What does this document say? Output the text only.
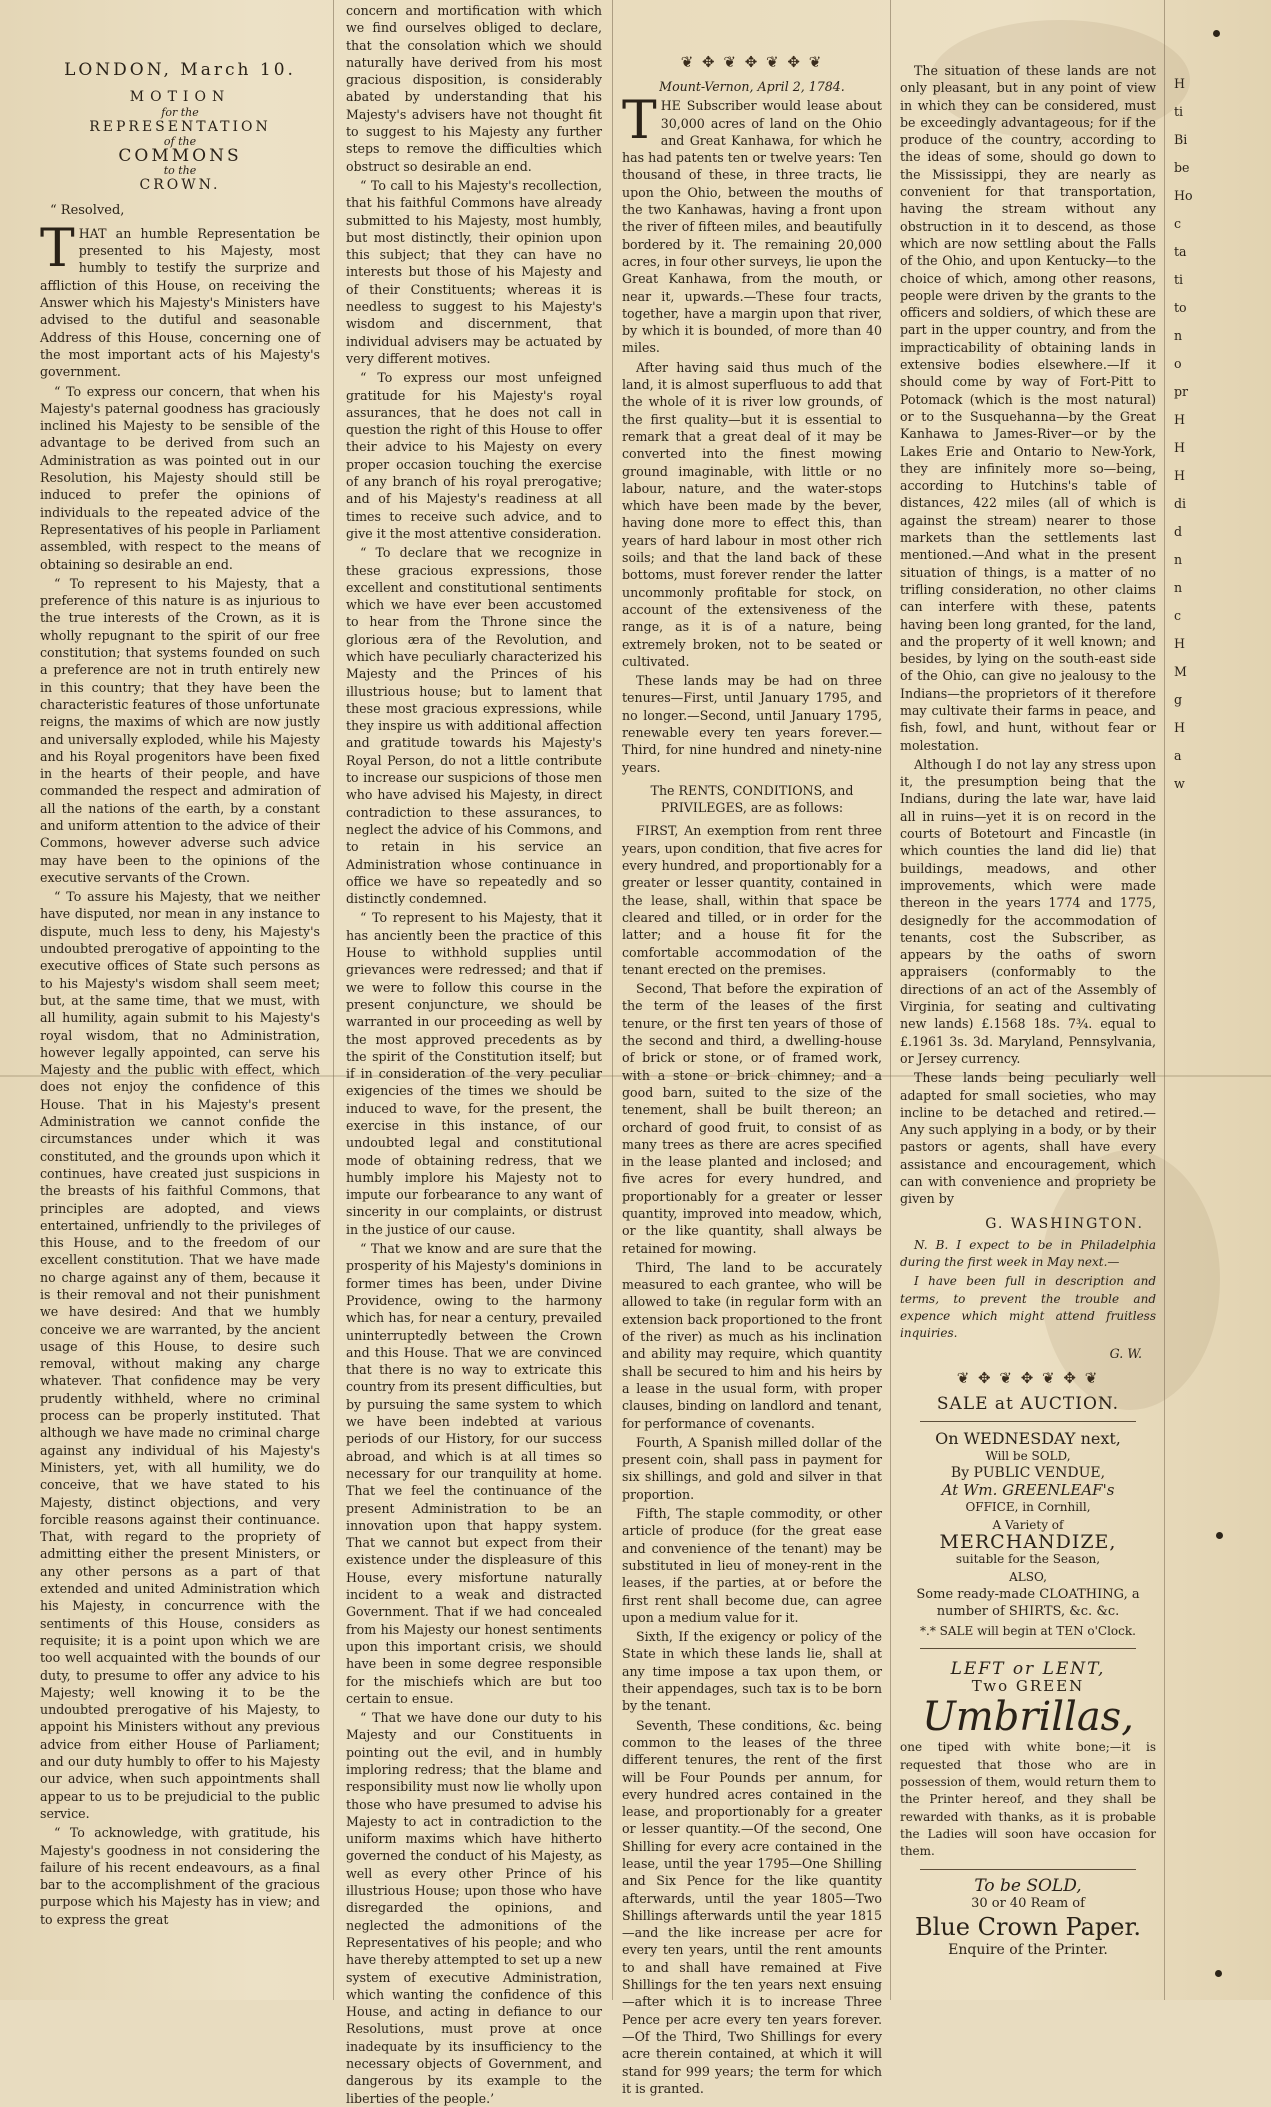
LONDON, March 10.
MOTION
for the
REPRESENTATION
of the
COMMONS
to the
CROWN.
“ Resolved,

THAT an humble Representation be presented to his Majesty, most humbly to testify the surprize and affliction of this House, on receiving the Answer which his Majesty's Ministers have advised to the dutiful and seasonable Address of this House, concerning one of the most important acts of his Majesty's government.

“ To express our concern, that when his Majesty's paternal goodness has graciously inclined his Majesty to be sensible of the advantage to be derived from such an Administration as was pointed out in our Resolution, his Majesty should still be induced to prefer the opinions of individuals to the repeated advice of the Representatives of his people in Parliament assembled, with respect to the means of obtaining so desirable an end.

“ To represent to his Majesty, that a preference of this nature is as injurious to the true interests of the Crown, as it is wholly repugnant to the spirit of our free constitution; that systems founded on such a preference are not in truth entirely new in this country; that they have been the characteristic features of those unfortunate reigns, the maxims of which are now justly and universally exploded, while his Majesty and his Royal progenitors have been fixed in the hearts of their people, and have commanded the respect and admiration of all the nations of the earth, by a constant and uniform attention to the advice of their Commons, however adverse such advice may have been to the opinions of the executive servants of the Crown.

“ To assure his Majesty, that we neither have disputed, nor mean in any instance to dispute, much less to deny, his Majesty's undoubted prerogative of appointing to the executive offices of State such persons as to his Majesty's wisdom shall seem meet; but, at the same time, that we must, with all humility, again submit to his Majesty's royal wisdom, that no Administration, however legally appointed, can serve his Majesty and the public with effect, which does not enjoy the confidence of this House. That in his Majesty's present Administration we cannot confide the circumstances under which it was constituted, and the grounds upon which it continues, have created just suspicions in the breasts of his faithful Commons, that principles are adopted, and views entertained, unfriendly to the privileges of this House, and to the freedom of our excellent constitution. That we have made no charge against any of them, because it is their removal and not their punishment we have desired: And that we humbly conceive we are warranted, by the ancient usage of this House, to desire such removal, without making any charge whatever. That confidence may be very prudently withheld, where no criminal process can be properly instituted. That although we have made no criminal charge against any individual of his Majesty's Ministers, yet, with all humility, we do conceive, that we have stated to his Majesty, distinct objections, and very forcible reasons against their continuance. That, with regard to the propriety of admitting either the present Ministers, or any other persons as a part of that extended and united Administration which his Majesty, in concurrence with the sentiments of this House, considers as requisite; it is a point upon which we are too well acquainted with the bounds of our duty, to presume to offer any advice to his Majesty; well knowing it to be the undoubted prerogative of his Majesty, to appoint his Ministers without any previous advice from either House of Parliament; and our duty humbly to offer to his Majesty our advice, when such appointments shall appear to us to be prejudicial to the public service.

“ To acknowledge, with gratitude, his Majesty's goodness in not considering the failure of his recent endeavours, as a final bar to the accomplishment of the gracious purpose which his Majesty has in view; and to express the great

concern and mortification with which we find ourselves obliged to declare, that the consolation which we should naturally have derived from his most gracious disposition, is considerably abated by understanding that his Majesty's advisers have not thought fit to suggest to his Majesty any further steps to remove the difficulties which obstruct so desirable an end.

“ To call to his Majesty's recollection, that his faithful Commons have already submitted to his Majesty, most humbly, but most distinctly, their opinion upon this subject; that they can have no interests but those of his Majesty and of their Constituents; whereas it is needless to suggest to his Majesty's wisdom and discernment, that individual advisers may be actuated by very different motives.

“ To express our most unfeigned gratitude for his Majesty's royal assurances, that he does not call in question the right of this House to offer their advice to his Majesty on every proper occasion touching the exercise of any branch of his royal prerogative; and of his Majesty's readiness at all times to receive such advice, and to give it the most attentive consideration.

“ To declare that we recognize in these gracious expressions, those excellent and constitutional sentiments which we have ever been accustomed to hear from the Throne since the glorious æra of the Revolution, and which have peculiarly characterized his Majesty and the Princes of his illustrious house; but to lament that these most gracious expressions, while they inspire us with additional affection and gratitude towards his Majesty's Royal Person, do not a little contribute to increase our suspicions of those men who have advised his Majesty, in direct contradiction to these assurances, to neglect the advice of his Commons, and to retain in his service an Administration whose continuance in office we have so repeatedly and so distinctly condemned.

“ To represent to his Majesty, that it has anciently been the practice of this House to withhold supplies until grievances were redressed; and that if we were to follow this course in the present conjuncture, we should be warranted in our proceeding as well by the most approved precedents as by the spirit of the Constitution itself; but if in consideration of the very peculiar exigencies of the times we should be induced to wave, for the present, the exercise in this instance, of our undoubted legal and constitutional mode of obtaining redress, that we humbly implore his Majesty not to impute our forbearance to any want of sincerity in our complaints, or distrust in the justice of our cause.

“ That we know and are sure that the prosperity of his Majesty's dominions in former times has been, under Divine Providence, owing to the harmony which has, for near a century, prevailed uninterruptedly between the Crown and this House. That we are convinced that there is no way to extricate this country from its present difficulties, but by pursuing the same system to which we have been indebted at various periods of our History, for our success abroad, and which is at all times so necessary for our tranquility at home. That we feel the continuance of the present Administration to be an innovation upon that happy system. That we cannot but expect from their existence under the displeasure of this House, every misfortune naturally incident to a weak and distracted Government. That if we had concealed from his Majesty our honest sentiments upon this important crisis, we should have been in some degree responsible for the mischiefs which are but too certain to ensue.

“ That we have done our duty to his Majesty and our Constituents in pointing out the evil, and in humbly imploring redress; that the blame and responsibility must now lie wholly upon those who have presumed to advise his Majesty to act in contradiction to the uniform maxims which have hitherto governed the conduct of his Majesty, as well as every other Prince of his illustrious House; upon those who have disregarded the opinions, and neglected the admonitions of the Representatives of his people; and who have thereby attempted to set up a new system of executive Administration, which wanting the confidence of this House, and acting in defiance to our Resolutions, must prove at once inadequate by its insufficiency to the necessary objects of Government, and dangerous by its example to the liberties of the people.’

❦ ✥ ❦ ✥ ❦ ✥ ❦
Mount-Vernon, April 2, 1784.

THE Subscriber would lease about 30,000 acres of land on the Ohio and Great Kanhawa, for which he has had patents ten or twelve years: Ten thousand of these, in three tracts, lie upon the Ohio, between the mouths of the two Kanhawas, having a front upon the river of fifteen miles, and beautifully bordered by it. The remaining 20,000 acres, in four other surveys, lie upon the Great Kanhawa, from the mouth, or near it, upwards.—These four tracts, together, have a margin upon that river, by which it is bounded, of more than 40 miles.

After having said thus much of the land, it is almost superfluous to add that the whole of it is river low grounds, of the first quality—but it is essential to remark that a great deal of it may be converted into the finest mowing ground imaginable, with little or no labour, nature, and the water-stops which have been made by the bever, having done more to effect this, than years of hard labour in most other rich soils; and that the land back of these bottoms, must forever render the latter uncommonly profitable for stock, on account of the extensiveness of the range, as it is of a nature, being extremely broken, not to be seated or cultivated.

These lands may be had on three tenures—First, until January 1795, and no longer.—Second, until January 1795, renewable every ten years forever.—Third, for nine hundred and ninety-nine years.

The RENTS, CONDITIONS, and PRIVILEGES, are as follows:

FIRST, An exemption from rent three years, upon condition, that five acres for every hundred, and proportionably for a greater or lesser quantity, contained in the lease, shall, within that space be cleared and tilled, or in order for the latter; and a house fit for the comfortable accommodation of the tenant erected on the premises.

Second, That before the expiration of the term of the leases of the first tenure, or the first ten years of those of the second and third, a dwelling-house of brick or stone, or of framed work, with a stone or brick chimney; and a good barn, suited to the size of the tenement, shall be built thereon; an orchard of good fruit, to consist of as many trees as there are acres specified in the lease planted and inclosed; and five acres for every hundred, and proportionably for a greater or lesser quantity, improved into meadow, which, or the like quantity, shall always be retained for mowing.

Third, The land to be accurately measured to each grantee, who will be allowed to take (in regular form with an extension back proportioned to the front of the river) as much as his inclination and ability may require, which quantity shall be secured to him and his heirs by a lease in the usual form, with proper clauses, binding on landlord and tenant, for performance of covenants.

Fourth, A Spanish milled dollar of the present coin, shall pass in payment for six shillings, and gold and silver in that proportion.

Fifth, The staple commodity, or other article of produce (for the great ease and convenience of the tenant) may be substituted in lieu of money-rent in the leases, if the parties, at or before the first rent shall become due, can agree upon a medium value for it.

Sixth, If the exigency or policy of the State in which these lands lie, shall at any time impose a tax upon them, or their appendages, such tax is to be born by the tenant.

Seventh, These conditions, &c. being common to the leases of the three different tenures, the rent of the first will be Four Pounds per annum, for every hundred acres contained in the lease, and proportionably for a greater or lesser quantity.—Of the second, One Shilling for every acre contained in the lease, until the year 1795—One Shilling and Six Pence for the like quantity afterwards, until the year 1805—Two Shillings afterwards until the year 1815—and the like increase per acre for every ten years, until the rent amounts to and shall have remained at Five Shillings for the ten years next ensuing—after which it is to increase Three Pence per acre every ten years forever.—Of the Third, Two Shillings for every acre therein contained, at which it will stand for 999 years; the term for which it is granted.

The situation of these lands are not only pleasant, but in any point of view in which they can be considered, must be exceedingly advantageous; for if the produce of the country, according to the ideas of some, should go down to the Mississippi, they are nearly as convenient for that transportation, having the stream without any obstruction in it to descend, as those which are now settling about the Falls of the Ohio, and upon Kentucky—to the choice of which, among other reasons, people were driven by the grants to the officers and soldiers, of which these are part in the upper country, and from the impracticability of obtaining lands in extensive bodies elsewhere.—If it should come by way of Fort-Pitt to Potomack (which is the most natural) or to the Susquehanna—by the Great Kanhawa to James-River—or by the Lakes Erie and Ontario to New-York, they are infinitely more so—being, according to Hutchins's table of distances, 422 miles (all of which is against the stream) nearer to those markets than the settlements last mentioned.—And what in the present situation of things, is a matter of no trifling consideration, no other claims can interfere with these, patents having been long granted, for the land, and the property of it well known; and besides, by lying on the south-east side of the Ohio, can give no jealousy to the Indians—the proprietors of it therefore may cultivate their farms in peace, and fish, fowl, and hunt, without fear or molestation.

Although I do not lay any stress upon it, the presumption being that the Indians, during the late war, have laid all in ruins—yet it is on record in the courts of Botetourt and Fincastle (in which counties the land did lie) that buildings, meadows, and other improvements, which were made thereon in the years 1774 and 1775, designedly for the accommodation of tenants, cost the Subscriber, as appears by the oaths of sworn appraisers (conformably to the directions of an act of the Assembly of Virginia, for seating and cultivating new lands) £.1568 18s. 7¾. equal to £.1961 3s. 3d. Maryland, Pennsylvania, or Jersey currency.

These lands being peculiarly well adapted for small societies, who may incline to be detached and retired.—Any such applying in a body, or by their pastors or agents, shall have every assistance and encouragement, which can with convenience and propriety be given by

G. WASHINGTON.

N. B. I expect to be in Philadelphia during the first week in May next.—

I have been full in description and terms, to prevent the trouble and expence which might attend fruitless inquiries.

G. W.
❦ ✥ ❦ ✥ ❦ ✥ ❦
SALE at AUCTION.
On WEDNESDAY next,
Will be SOLD,
By PUBLIC VENDUE,
At Wm. GREENLEAF's
OFFICE, in Cornhill,
A Variety of
MERCHANDIZE,
suitable for the Season,
ALSO,

Some ready-made CLOATHING, a number of SHIRTS, &c. &c.

*.* SALE will begin at TEN o'Clock.

LEFT or LENT,
Two GREEN
Umbrillas,

one tiped with white bone;—it is requested that those who are in possession of them, would return them to the Printer hereof, and they shall be rewarded with thanks, as it is probable the Ladies will soon have occasion for them.

To be SOLD,
30 or 40 Ream of
Blue Crown Paper.
Enquire of the Printer.
H
ti
Bi
be
Ho
c
ta
ti
to
n
o
pr
H
H
H
di
d
n
n
c
H
M
g
H
a
w
